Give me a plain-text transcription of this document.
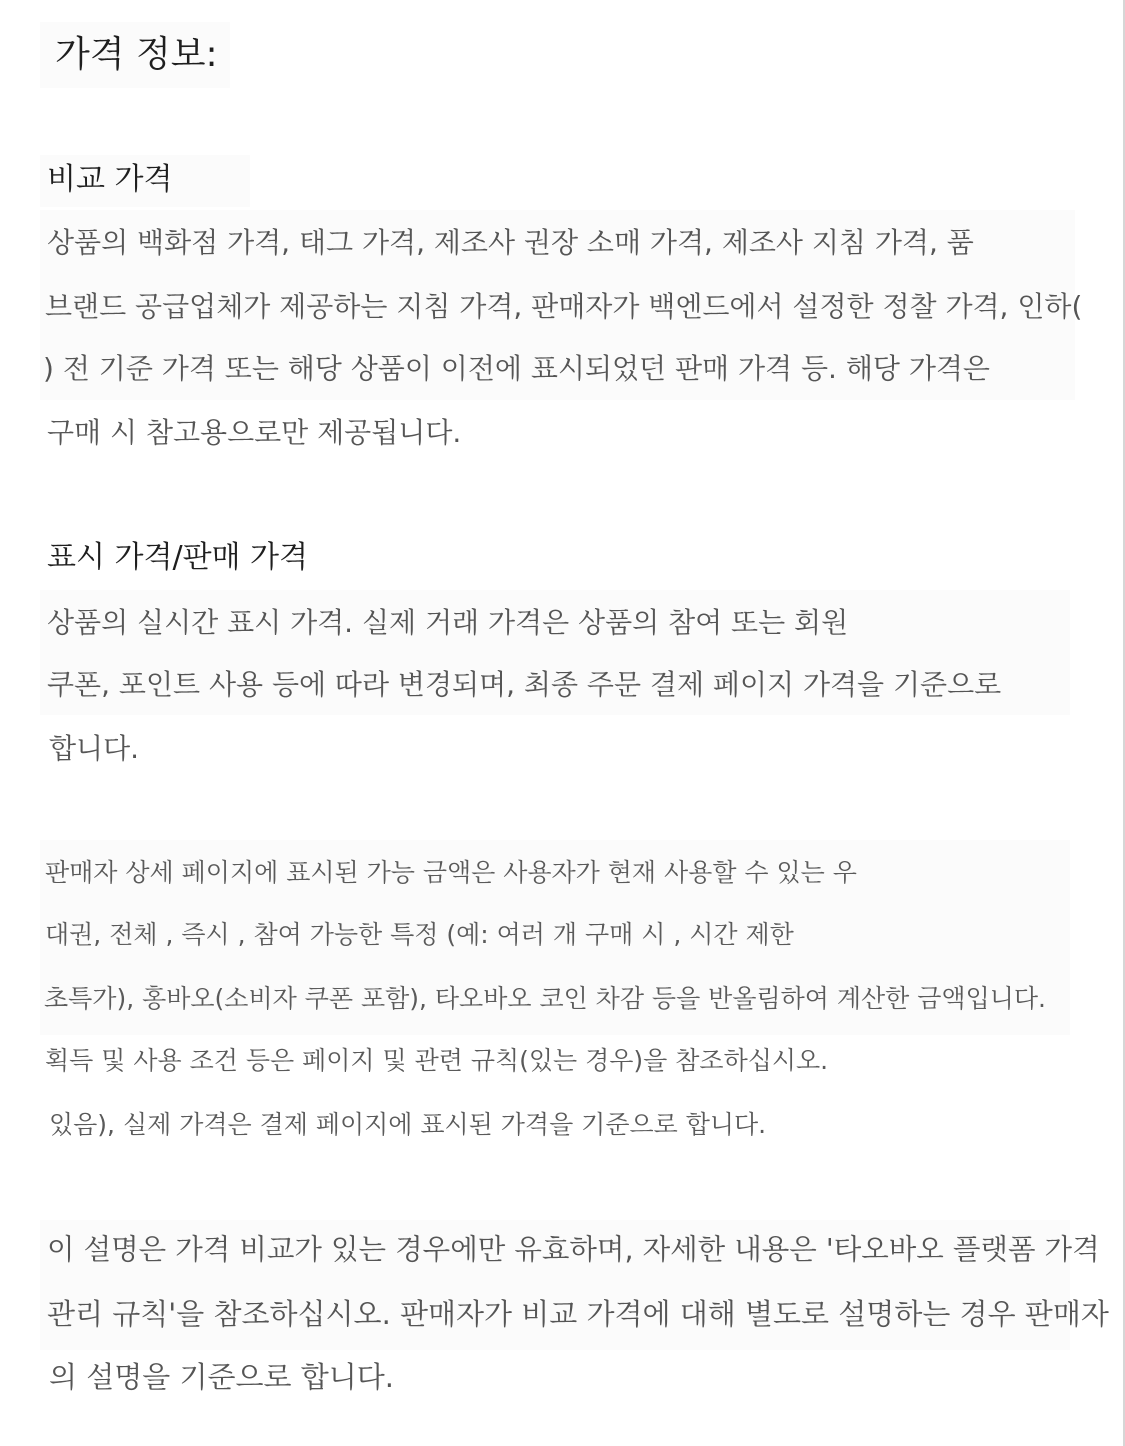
가격 정보:
비교 가격
상품의 백화점 가격, 태그 가격, 제조사 권장 소매 가격, 제조사 지침 가격, 품
브랜드 공급업체가 제공하는 지침 가격, 판매자가 백엔드에서 설정한 정찰 가격, 인하(
) 전 기준 가격 또는 해당 상품이 이전에 표시되었던 판매 가격 등. 해당 가격은
구매 시 참고용으로만 제공됩니다.
표시 가격/판매 가격
상품의 실시간 표시 가격. 실제 거래 가격은 상품의 참여 또는 회원
쿠폰, 포인트 사용 등에 따라 변경되며, 최종 주문 결제 페이지 가격을 기준으로
합니다.
판매자 상세 페이지에 표시된 가능 금액은 사용자가 현재 사용할 수 있는 우
대권, 전체 , 즉시 , 참여 가능한 특정 (예: 여러 개 구매 시 , 시간 제한
초특가), 홍바오(소비자 쿠폰 포함), 타오바오 코인 차감 등을 반올림하여 계산한 금액입니다.
획득 및 사용 조건 등은 페이지 및 관련 규칙(있는 경우)을 참조하십시오.
있음), 실제 가격은 결제 페이지에 표시된 가격을 기준으로 합니다.
이 설명은 가격 비교가 있는 경우에만 유효하며, 자세한 내용은 '타오바오 플랫폼 가격
관리 규칙'을 참조하십시오. 판매자가 비교 가격에 대해 별도로 설명하는 경우 판매자
의 설명을 기준으로 합니다.
